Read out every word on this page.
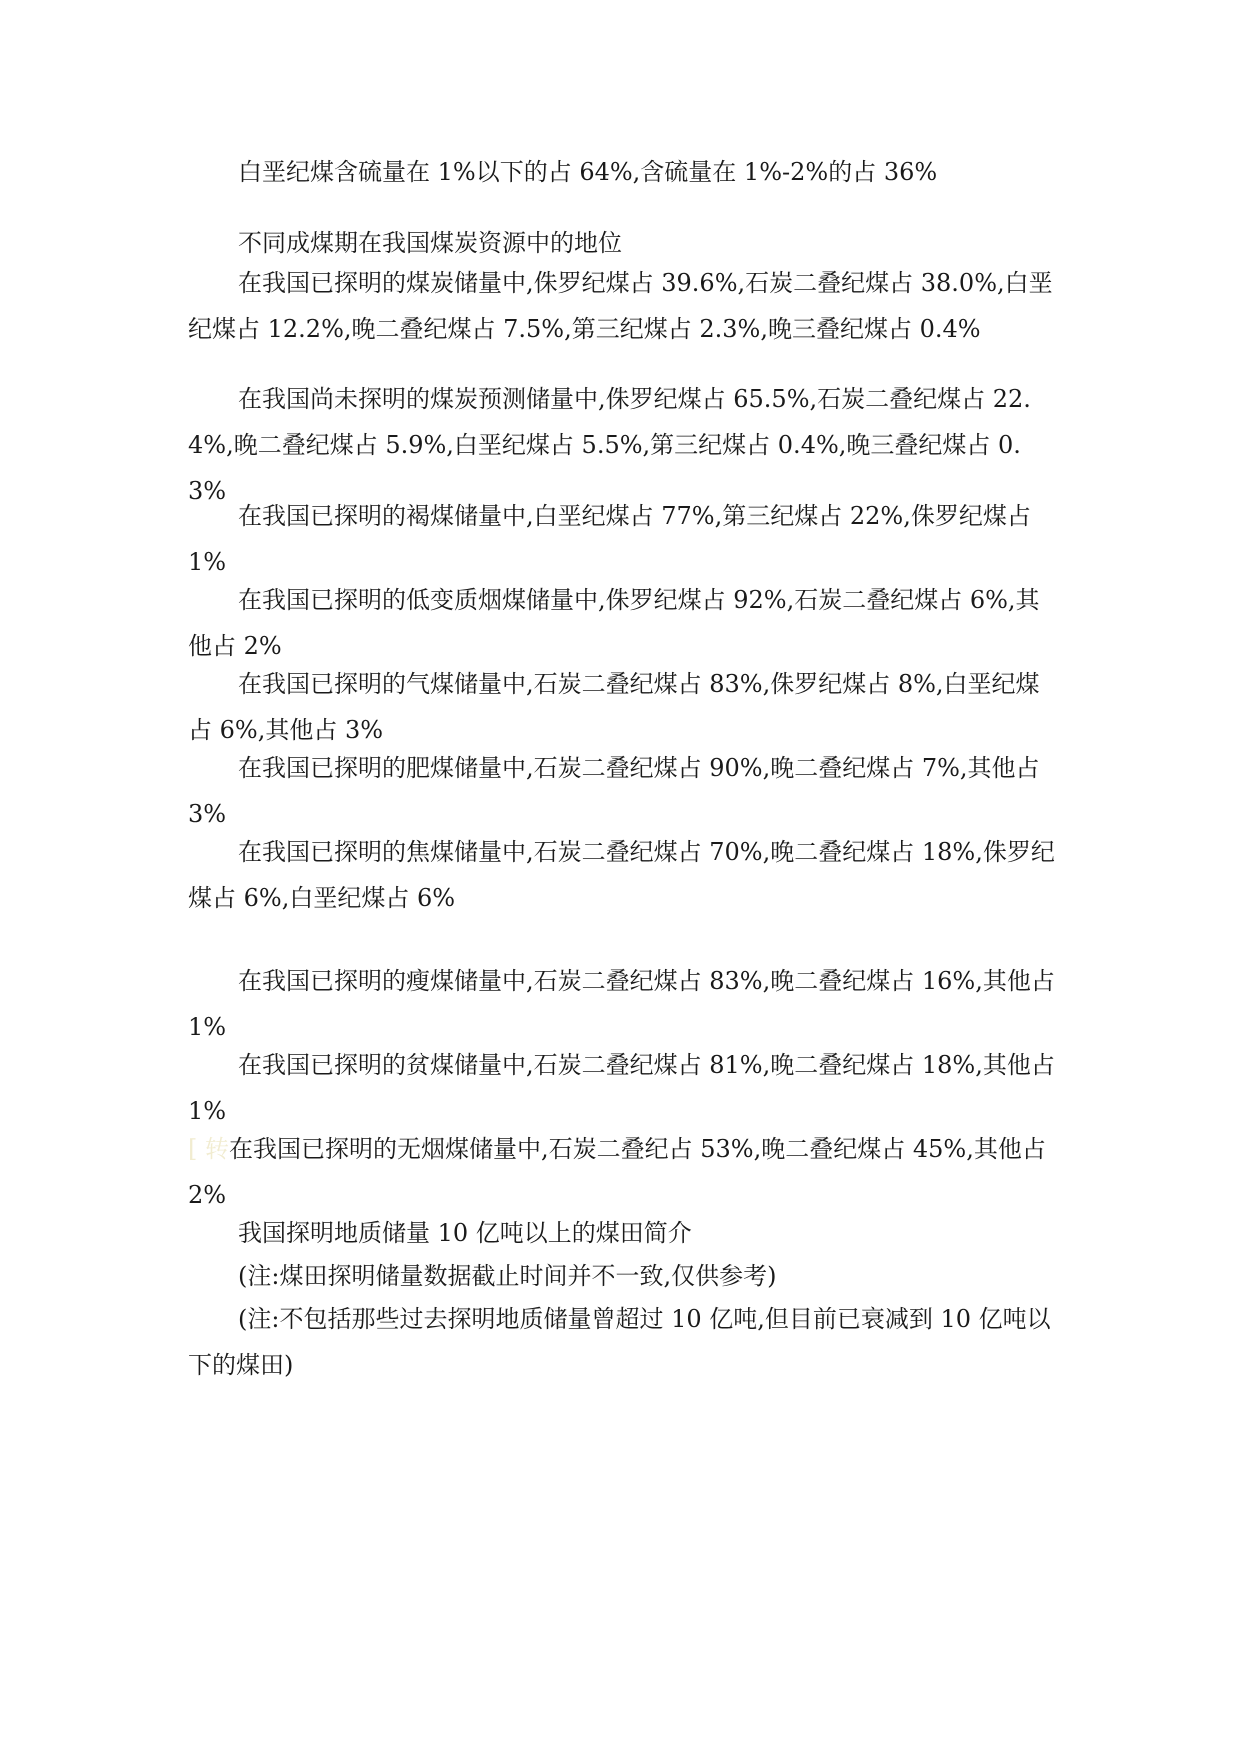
白垩纪煤含硫量在 1%以下的占 64%,含硫量在 1%-2%的占 36%

不同成煤期在我国煤炭资源中的地位

在我国已探明的煤炭储量中,侏罗纪煤占 39.6%,石炭二叠纪煤占 38.0%,白垩纪煤占 12.2%,晚二叠纪煤占 7.5%,第三纪煤占 2.3%,晚三叠纪煤占 0.4%

在我国尚未探明的煤炭预测储量中,侏罗纪煤占 65.5%,石炭二叠纪煤占 22.4%,晚二叠纪煤占 5.9%,白垩纪煤占 5.5%,第三纪煤占 0.4%,晚三叠纪煤占 0.3%

在我国已探明的褐煤储量中,白垩纪煤占 77%,第三纪煤占 22%,侏罗纪煤占 1%

在我国已探明的低变质烟煤储量中,侏罗纪煤占 92%,石炭二叠纪煤占 6%,其他占 2%

在我国已探明的气煤储量中,石炭二叠纪煤占 83%,侏罗纪煤占 8%,白垩纪煤占 6%,其他占 3%

在我国已探明的肥煤储量中,石炭二叠纪煤占 90%,晚二叠纪煤占 7%,其他占 3%

在我国已探明的焦煤储量中,石炭二叠纪煤占 70%,晚二叠纪煤占 18%,侏罗纪煤占 6%,白垩纪煤占 6%

在我国已探明的瘦煤储量中,石炭二叠纪煤占 83%,晚二叠纪煤占 16%,其他占 1%

在我国已探明的贫煤储量中,石炭二叠纪煤占 81%,晚二叠纪煤占 18%,其他占 1%

[ 转在我国已探明的无烟煤储量中,石炭二叠纪占 53%,晚二叠纪煤占 45%,其他占 2%

我国探明地质储量 10 亿吨以上的煤田简介

(注:煤田探明储量数据截止时间并不一致,仅供参考)

(注:不包括那些过去探明地质储量曾超过 10 亿吨,但目前已衰减到 10 亿吨以下的煤田)
